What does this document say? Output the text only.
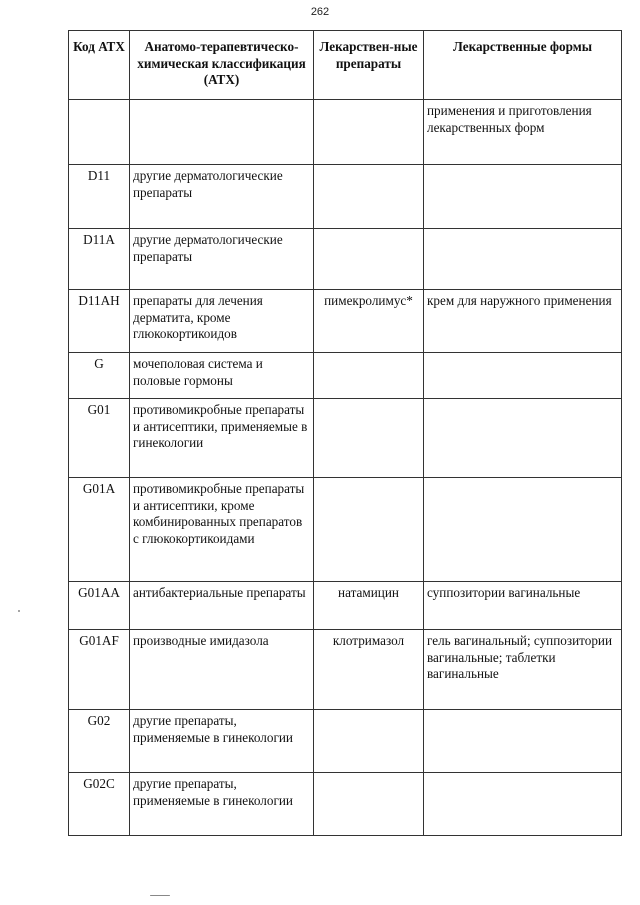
262
Код АТХ	Анатомо-терапевтическо-химическая классификация (АТХ)	Лекарствен-ные препараты	Лекарственные формы
			применения и приготовления лекарственных форм
D11	другие дерматологические препараты		
D11A	другие дерматологические препараты		
D11AH	препараты для лечения дерматита, кроме глюкокортикоидов	пимекролимус*	крем для наружного применения
G	мочеполовая система и половые гормоны		
G01	противомикробные препараты и антисептики, применяемые в гинекологии		
G01A	противомикробные препараты и антисептики, кроме комбинированных препаратов с глюкокортикоидами		
G01AA	антибактериальные препараты	натамицин	суппозитории вагинальные
G01AF	производные имидазола	клотримазол	гель вагинальный; суппозитории вагинальные; таблетки вагинальные
G02	другие препараты, применяемые в гинекологии		
G02C	другие препараты, применяемые в гинекологии		
